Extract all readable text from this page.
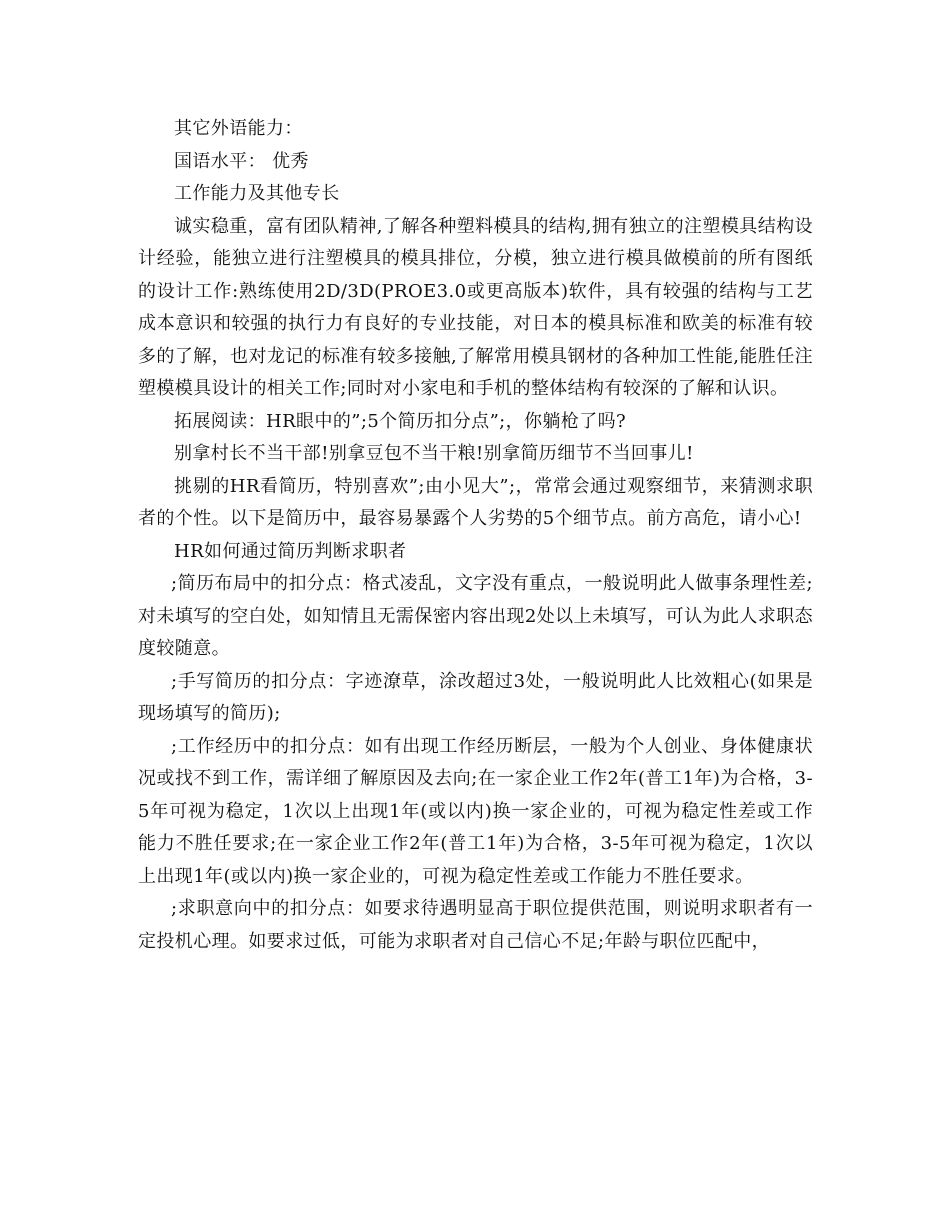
其它外语能力：

国语水平： 优秀

工作能力及其他专长

诚实稳重，富有团队精神,了解各种塑料模具的结构,拥有独立的注塑模具结构设计经验，能独立进行注塑模具的模具排位，分模，独立进行模具做模前的所有图纸的设计工作:熟练使用2D/3D(PROE3.0或更高版本)软件，具有较强的结构与工艺成本意识和较强的执行力有良好的专业技能，对日本的模具标准和欧美的标准有较多的了解，也对龙记的标准有较多接触,了解常用模具钢材的各种加工性能,能胜任注塑模模具设计的相关工作;同时对小家电和手机的整体结构有较深的了解和认识。

拓展阅读：HR眼中的”;5个简历扣分点”;，你躺枪了吗?

别拿村长不当干部!别拿豆包不当干粮!别拿简历细节不当回事儿!

挑剔的HR看简历，特别喜欢”;由小见大”;，常常会通过观察细节，来猜测求职者的个性。以下是简历中，最容易暴露个人劣势的5个细节点。前方高危，请小心!

HR如何通过简历判断求职者

;简历布局中的扣分点：格式凌乱，文字没有重点，一般说明此人做事条理性差;对未填写的空白处，如知情且无需保密内容出现2处以上未填写，可认为此人求职态度较随意。

;手写简历的扣分点：字迹潦草，涂改超过3处，一般说明此人比效粗心(如果是现场填写的简历);

;工作经历中的扣分点：如有出现工作经历断层，一般为个人创业、身体健康状况或找不到工作，需详细了解原因及去向;在一家企业工作2年(普工1年)为合格，3-5年可视为稳定，1次以上出现1年(或以内)换一家企业的，可视为稳定性差或工作能力不胜任要求;在一家企业工作2年(普工1年)为合格，3-5年可视为稳定，1次以上出现1年(或以内)换一家企业的，可视为稳定性差或工作能力不胜任要求。

;求职意向中的扣分点：如要求待遇明显高于职位提供范围，则说明求职者有一定投机心理。如要求过低，可能为求职者对自己信心不足;年龄与职位匹配中，
